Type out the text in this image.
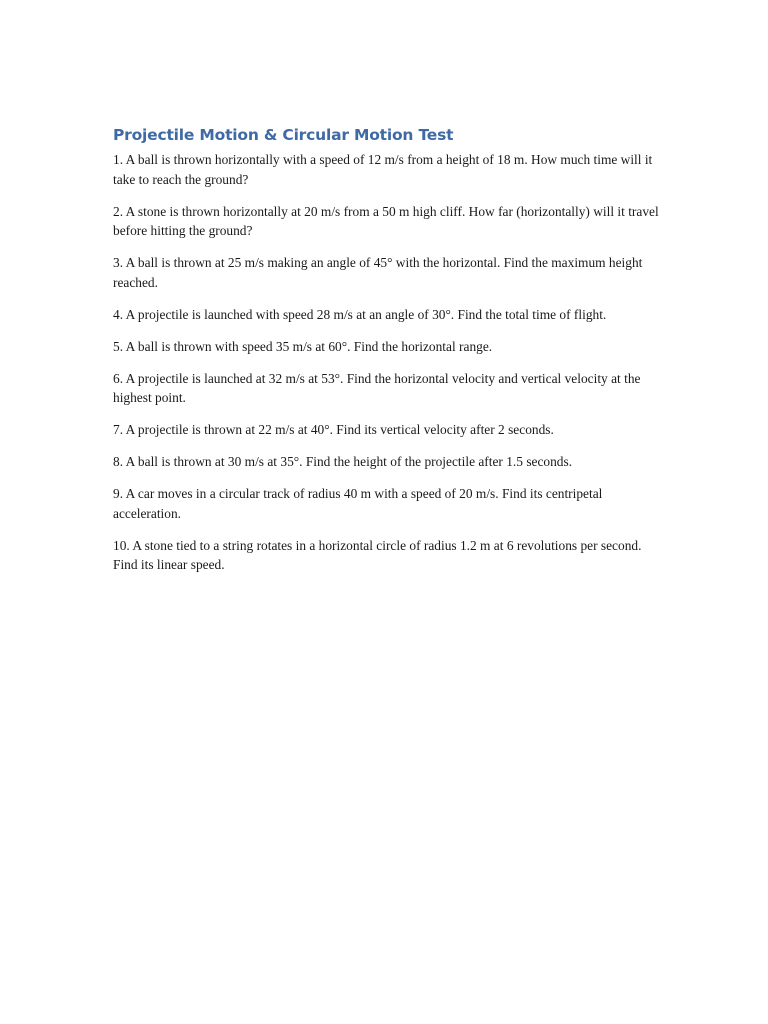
Projectile Motion & Circular Motion Test

1. A ball is thrown horizontally with a speed of 12 m/s from a height of 18 m. How much time will it take to reach the ground?

2. A stone is thrown horizontally at 20 m/s from a 50 m high cliff. How far (horizontally) will it travel before hitting the ground?

3. A ball is thrown at 25 m/s making an angle of 45° with the horizontal. Find the maximum height reached.

4. A projectile is launched with speed 28 m/s at an angle of 30°. Find the total time of flight.

5. A ball is thrown with speed 35 m/s at 60°. Find the horizontal range.

6. A projectile is launched at 32 m/s at 53°. Find the horizontal velocity and vertical velocity at the highest point.

7. A projectile is thrown at 22 m/s at 40°. Find its vertical velocity after 2 seconds.

8. A ball is thrown at 30 m/s at 35°. Find the height of the projectile after 1.5 seconds.

9. A car moves in a circular track of radius 40 m with a speed of 20 m/s. Find its centripetal acceleration.

10. A stone tied to a string rotates in a horizontal circle of radius 1.2 m at 6 revolutions per second. Find its linear speed.
